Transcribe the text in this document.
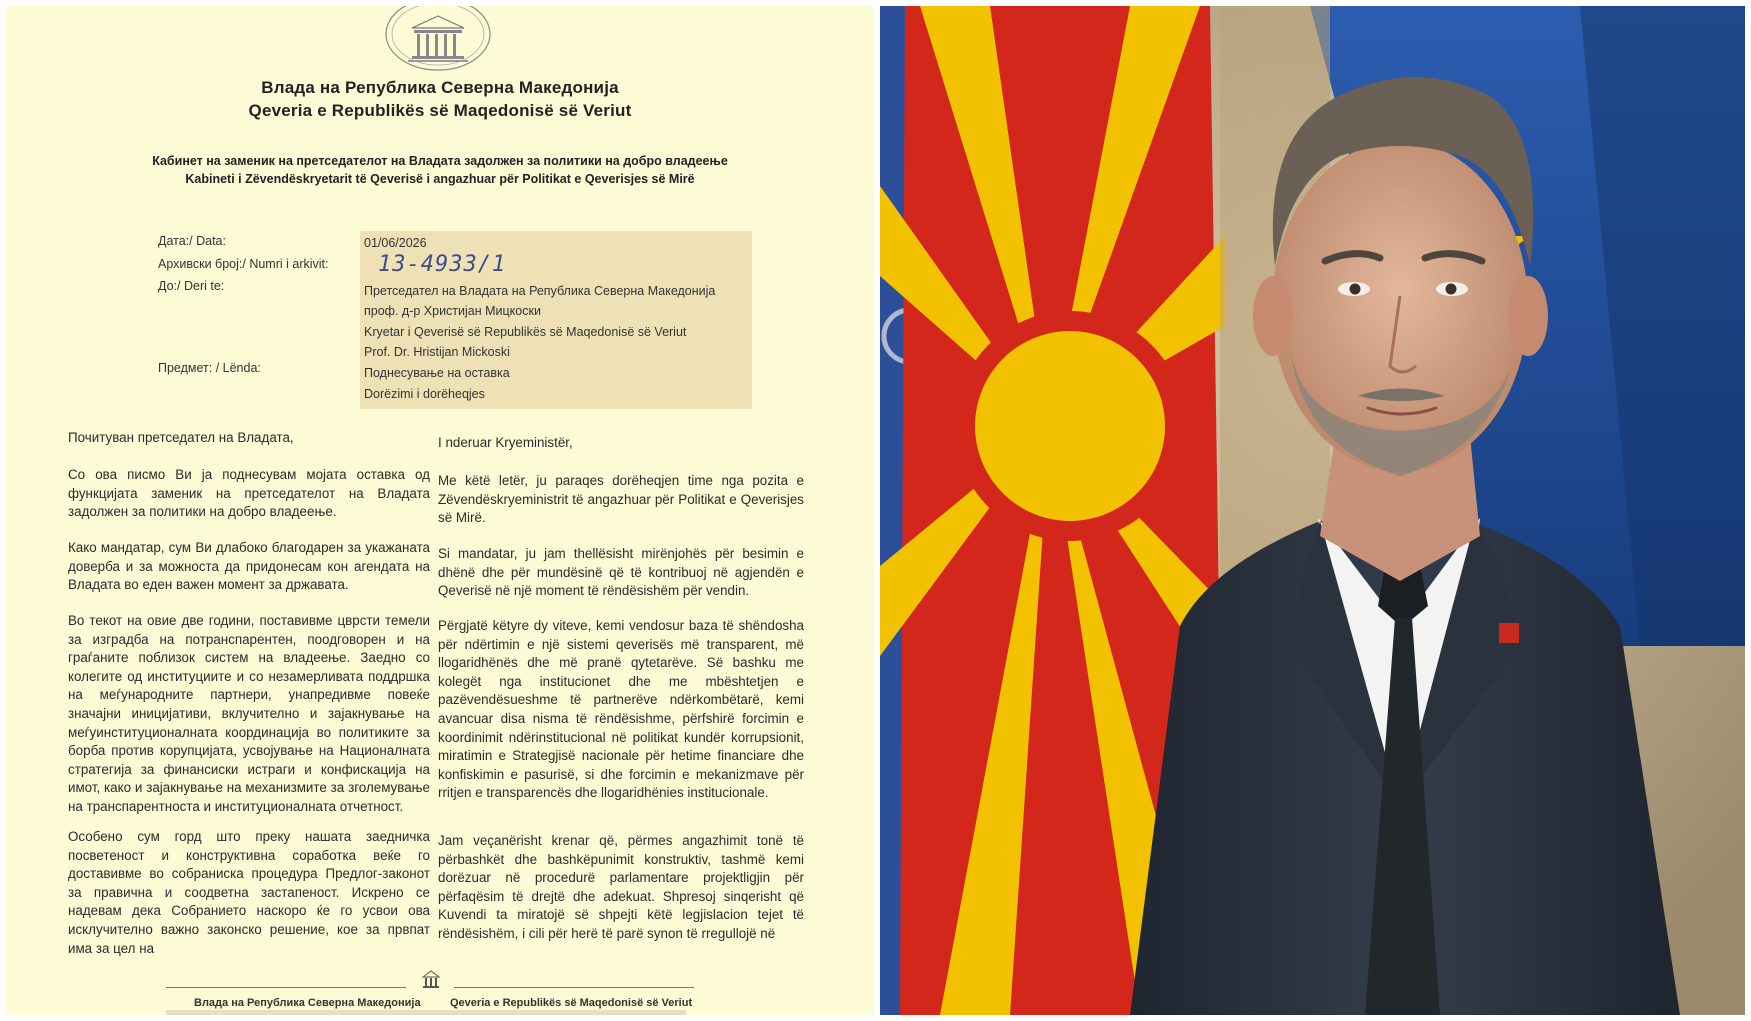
Влада на Република Северна Македонија
Qeveria e Republikës së Maqedonisë së Veriut
Кабинет на заменик на претседателот на Владата задолжен за политики на добро владеење
Kabineti i Zëvendëskryetarit të Qeverisë i angazhuar për Politikat e Qeverisjes së Mirë
Дата:/ Data:
Архивски број:/ Numri i arkivit:
До:/ Deri te:
Предмет: / Lënda:
01/06/2026
13-4933/1
Претседател на Владата на Република Северна Македонија
проф. д-р Христијан Мицкоски
Kryetar i Qeverisë së Republikës së Maqedonisë së Veriut
Prof. Dr. Hristijan Mickoski
Поднесување на оставка
Dorëzimi i dorëheqjes
Почитуван претседател на Владата,
Со ова писмо Ви ја поднесувам мојата оставка од функцијата заменик на претседателот на Владата задолжен за политики на добро владеење.
Како мандатар, сум Ви длабоко благодарен за укажаната доверба и за можноста да придонесам кон агендата на Владата во еден важен момент за државата.
Во текот на овие две години, поставивме цврсти темели за изградба на потранспарентен, поодговорен и на граѓаните поблизок систем на владеење. Заедно со колегите од институциите и со незамерливата поддршка на меѓународните партнери, унапредивме повеќе значајни иницијативи, вклучително и зајакнување на меѓуинституционалната координација во политиките за борба против корупцијата, усвојување на Националната стратегија за финансиски истраги и конфискација на имот, како и зајакнување на механизмите за зголемување на транспарентноста и институционалната отчетност.
Особено сум горд што преку нашата заедничка посветеност и конструктивна соработка веќе го доставивме во собраниска процедура Предлог-законот за правична и соодветна застапеност. Искрено се надевам дека Собранието наскоро ќе го усвои ова исклучително важно законско решение, кое за првпат има за цел на
I nderuar Kryeministër,
Me këtë letër, ju paraqes dorëheqjen time nga pozita e Zëvendëskryeministrit të angazhuar për Politikat e Qeverisjes së Mirë.
Si mandatar, ju jam thellësisht mirënjohës për besimin e dhënë dhe për mundësinë që të kontribuoj në agjendën e Qeverisë në një moment të rëndësishëm për vendin.
Përgjatë këtyre dy viteve, kemi vendosur baza të shëndosha për ndërtimin e një sistemi qeverisës më transparent, më llogaridhënës dhe më pranë qytetarëve. Së bashku me kolegët nga institucionet dhe me mbështetjen e pazëvendësueshme të partnerëve ndërkombëtarë, kemi avancuar disa nisma të rëndësishme, përfshirë forcimin e koordinimit ndërinstitucional në politikat kundër korrupsionit, miratimin e Strategjisë nacionale për hetime financiare dhe konfiskimin e pasurisë, si dhe forcimin e mekanizmave për rritjen e transparencës dhe llogaridhënies institucionale.
Jam veçanërisht krenar që, përmes angazhimit tonë të përbashkët dhe bashkëpunimit konstruktiv, tashmë kemi dorëzuar në procedurë parlamentare projektligjin për përfaqësim të drejtë dhe adekuat. Shpresoj sinqerisht që Kuvendi ta miratojë së shpejti këtë legjislacion tejet të rëndësishëm, i cili për herë të parë synon të rregullojë në
Влада на Република Северна Македонија	Qeveria e Republikës së Maqedonisë së Veriut
